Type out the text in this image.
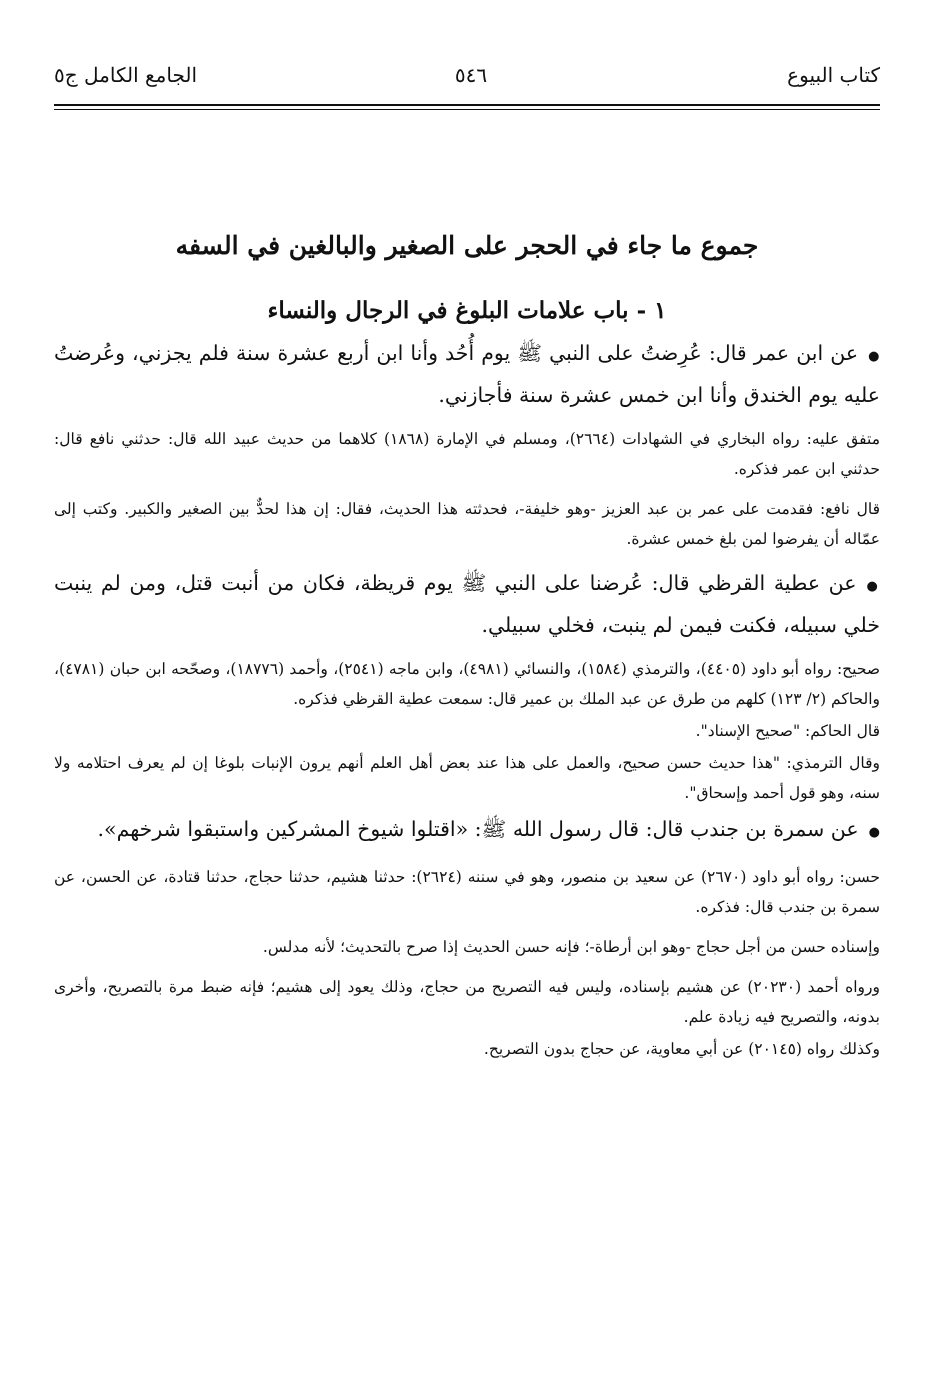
كتاب البيوع
٥٤٦
الجامع الكامل ج٥
جموع ما جاء في الحجر على الصغير والبالغين في السفه
١ - باب علامات البلوغ في الرجال والنساء

●عن ابن عمر قال: عُرِضتُ على النبي ﷺ يوم أُحُد وأنا ابن أربع عشرة سنة فلم يجزني، وعُرضتُ عليه يوم الخندق وأنا ابن خمس عشرة سنة فأجازني.

متفق عليه: رواه البخاري في الشهادات (٢٦٦٤)، ومسلم في الإمارة (١٨٦٨) كلاهما من حديث عبيد الله قال: حدثني نافع قال: حدثني ابن عمر فذكره.

قال نافع: فقدمت على عمر بن عبد العزيز -وهو خليفة-، فحدثته هذا الحديث، فقال: إن هذا لحدٌّ بين الصغير والكبير. وكتب إلى عمّاله أن يفرضوا لمن بلغ خمس عشرة.

●عن عطية القرظي قال: عُرضنا على النبي ﷺ يوم قريظة، فكان من أنبت قتل، ومن لم ينبت خلي سبيله، فكنت فيمن لم ينبت، فخلي سبيلي.

صحيح: رواه أبو داود (٤٤٠٥)، والترمذي (١٥٨٤)، والنسائي (٤٩٨١)، وابن ماجه (٢٥٤١)، وأحمد (١٨٧٧٦)، وصحّحه ابن حبان (٤٧٨١)، والحاكم (٢/ ١٢٣) كلهم من طرق عن عبد الملك بن عمير قال: سمعت عطية القرظي فذكره.

قال الحاكم: "صحيح الإسناد".

وقال الترمذي: "هذا حديث حسن صحيح، والعمل على هذا عند بعض أهل العلم أنهم يرون الإنبات بلوغا إن لم يعرف احتلامه ولا سنه، وهو قول أحمد وإسحاق".

●عن سمرة بن جندب قال: قال رسول الله ﷺ: «اقتلوا شيوخ المشركين واستبقوا شرخهم».

حسن: رواه أبو داود (٢٦٧٠) عن سعيد بن منصور، وهو في سننه (٢٦٢٤): حدثنا هشيم، حدثنا حجاج، حدثنا قتادة، عن الحسن، عن سمرة بن جندب قال: فذكره.

وإسناده حسن من أجل حجاج -وهو ابن أرطاة-؛ فإنه حسن الحديث إذا صرح بالتحديث؛ لأنه مدلس.

ورواه أحمد (٢٠٢٣٠) عن هشيم بإسناده، وليس فيه التصريح من حجاج، وذلك يعود إلى هشيم؛ فإنه ضبط مرة بالتصريح، وأخرى بدونه، والتصريح فيه زيادة علم.

وكذلك رواه (٢٠١٤٥) عن أبي معاوية، عن حجاج بدون التصريح.
